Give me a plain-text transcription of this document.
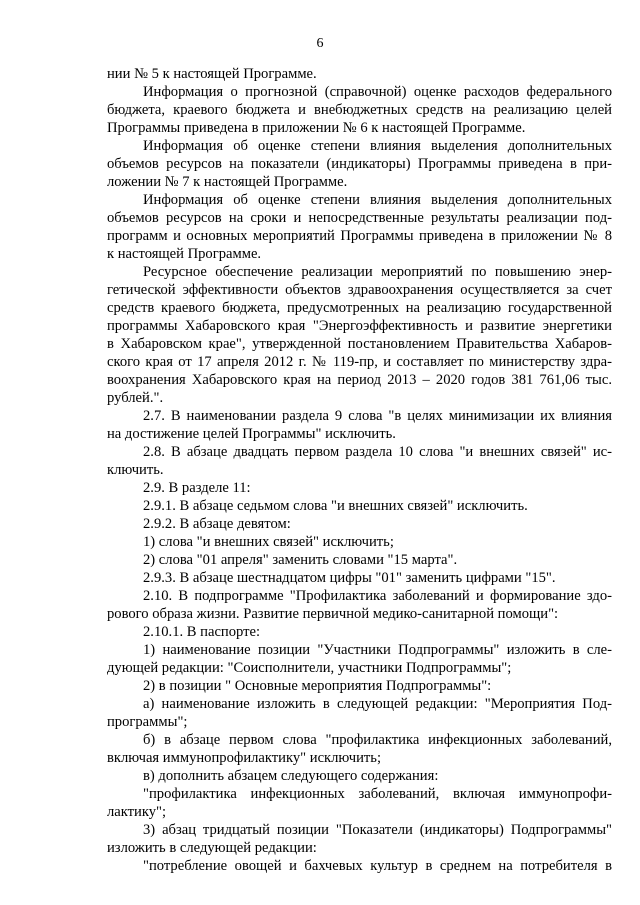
6
нии № 5 к настоящей Программе.
Информация о прогнозной (справочной) оценке расходов федерального
бюджета, краевого бюджета и внебюджетных средств на реализацию целей
Программы приведена в приложении № 6 к настоящей Программе.
Информация об оценке степени влияния выделения дополнительных
объемов ресурсов на показатели (индикаторы) Программы приведена в при-
ложении № 7 к настоящей Программе.
Информация об оценке степени влияния выделения дополнительных
объемов ресурсов на сроки и непосредственные результаты реализации под-
программ и основных мероприятий Программы приведена в приложении № 8
к настоящей Программе.
Ресурсное обеспечение реализации мероприятий по повышению энер-
гетической эффективности объектов здравоохранения осуществляется за счет
средств краевого бюджета, предусмотренных на реализацию государственной
программы Хабаровского края "Энергоэффективность и развитие энергетики
в Хабаровском крае", утвержденной постановлением Правительства Хабаров-
ского края от 17 апреля 2012 г. № 119-пр, и составляет по министерству здра-
воохранения Хабаровского края на период 2013 – 2020 годов 381 761,06 тыс.
рублей.".
2.7. В наименовании раздела 9 слова "в целях минимизации их влияния
на достижение целей Программы" исключить.
2.8. В абзаце двадцать первом раздела 10 слова "и внешних связей" ис-
ключить.
2.9. В разделе 11:
2.9.1. В абзаце седьмом слова "и внешних связей" исключить.
2.9.2. В абзаце девятом:
1) слова "и внешних связей" исключить;
2) слова "01 апреля" заменить словами "15 марта".
2.9.3. В абзаце шестнадцатом цифры "01" заменить цифрами "15".
2.10. В подпрограмме "Профилактика заболеваний и формирование здо-
рового образа жизни. Развитие первичной медико-санитарной помощи":
2.10.1. В паспорте:
1) наименование позиции "Участники Подпрограммы" изложить в сле-
дующей редакции: "Соисполнители, участники Подпрограммы";
2) в позиции " Основные мероприятия Подпрограммы":
а) наименование изложить в следующей редакции: "Мероприятия Под-
программы";
б) в абзаце первом слова "профилактика инфекционных заболеваний,
включая иммунопрофилактику" исключить;
в) дополнить абзацем следующего содержания:
"профилактика инфекционных заболеваний, включая иммунопрофи-
лактику";
3) абзац тридцатый позиции "Показатели (индикаторы) Подпрограммы"
изложить в следующей редакции:
"потребление овощей и бахчевых культур в среднем на потребителя в
